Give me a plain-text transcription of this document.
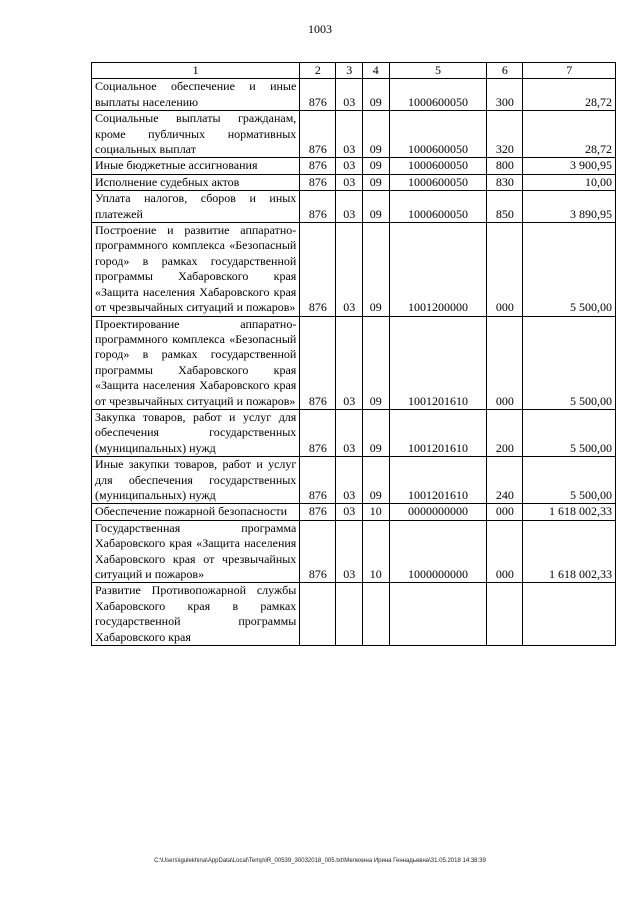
1003
1	2	3	4	5	6	7
Социальное обеспечение и иные выплаты населению	876	03	09	1000600050	300	28,72
Социальные выплаты гражданам, кроме публичных нормативных социальных выплат	876	03	09	1000600050	320	28,72
Иные бюджетные ассигнования	876	03	09	1000600050	800	3 900,95
Исполнение судебных актов	876	03	09	1000600050	830	10,00
Уплата налогов, сборов и иных платежей	876	03	09	1000600050	850	3 890,95
Построение и развитие аппаратно-программного комплекса «Безопасный город» в рамках государственной программы Хабаровского края «Защита населения Хабаровского края от чрезвычайных ситуаций и пожаров»	876	03	09	1001200000	000	5 500,00
Проектирование аппаратно-программного комплекса «Безопасный город» в рамках государственной программы Хабаровского края «Защита населения Хабаровского края от чрезвычайных ситуаций и пожаров»	876	03	09	1001201610	000	5 500,00
Закупка товаров, работ и услуг для обеспечения государственных (муниципальных) нужд	876	03	09	1001201610	200	5 500,00
Иные закупки товаров, работ и услуг для обеспечения государственных (муниципальных) нужд	876	03	09	1001201610	240	5 500,00
Обеспечение пожарной безопасности	876	03	10	0000000000	000	1 618 002,33
Государственная программа Хабаровского края «Защита населения Хабаровского края от чрезвычайных ситуаций и пожаров»	876	03	10	1000000000	000	1 618 002,33
Развитие Противопожарной службы Хабаровского края в рамках государственной программы Хабаровского края						
C:\Users\igulekhina\AppData\Local\Temp\IR_00539_30032018_005.txt\Мелехина Ирина Геннадьевна\31.05.2018 14:38:39
